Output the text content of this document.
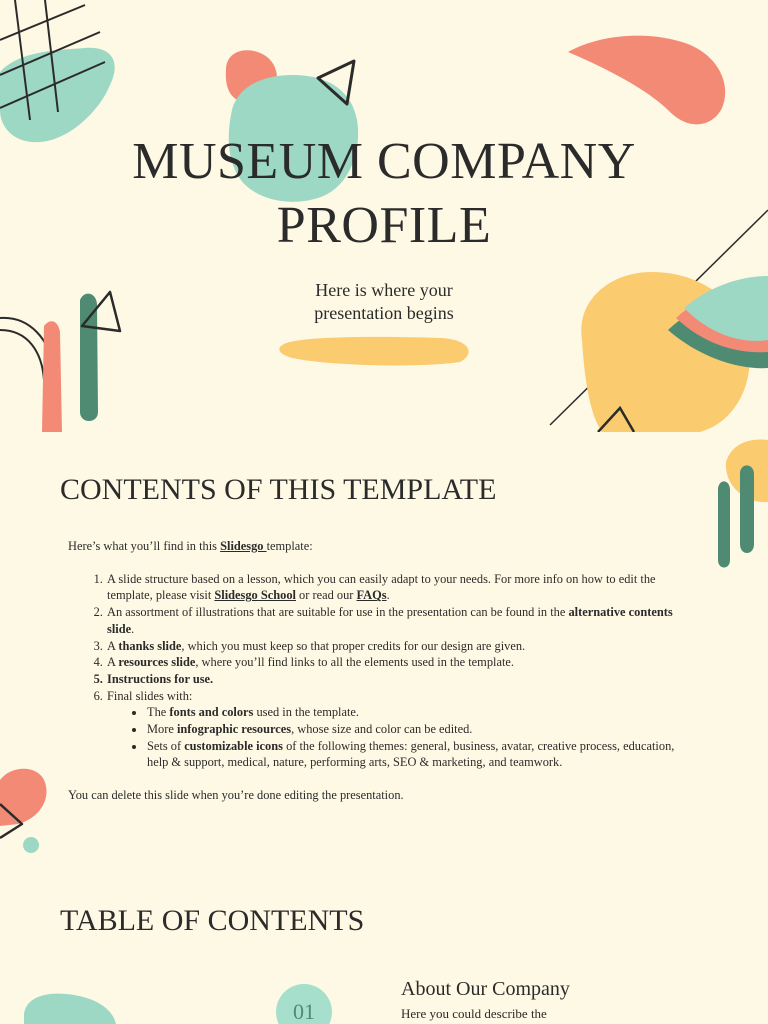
MUSEUM COMPANY
PROFILE
Here is where your
presentation begins
CONTENTS OF THIS TEMPLATE

Here’s what you’ll find in this Slidesgo template:

1. A slide structure based on a lesson, which you can easily adapt to your needs. For more info on how to edit the template, please visit Slidesgo School or read our FAQs.
2. An assortment of illustrations that are suitable for use in the presentation can be found in the alternative contents slide.
3. A thanks slide, which you must keep so that proper credits for our design are given.
4. A resources slide, where you’ll find links to all the elements used in the template.
5. Instructions for use.
6. Final slides with:
• The fonts and colors used in the template.
• More infographic resources, whose size and color can be edited.
• Sets of customizable icons of the following themes: general, business, avatar, creative process, education, help & support, medical, nature, performing arts, SEO & marketing, and teamwork.

You can delete this slide when you’re done editing the presentation.

TABLE OF CONTENTS
01
About Our Company
Here you could describe the
